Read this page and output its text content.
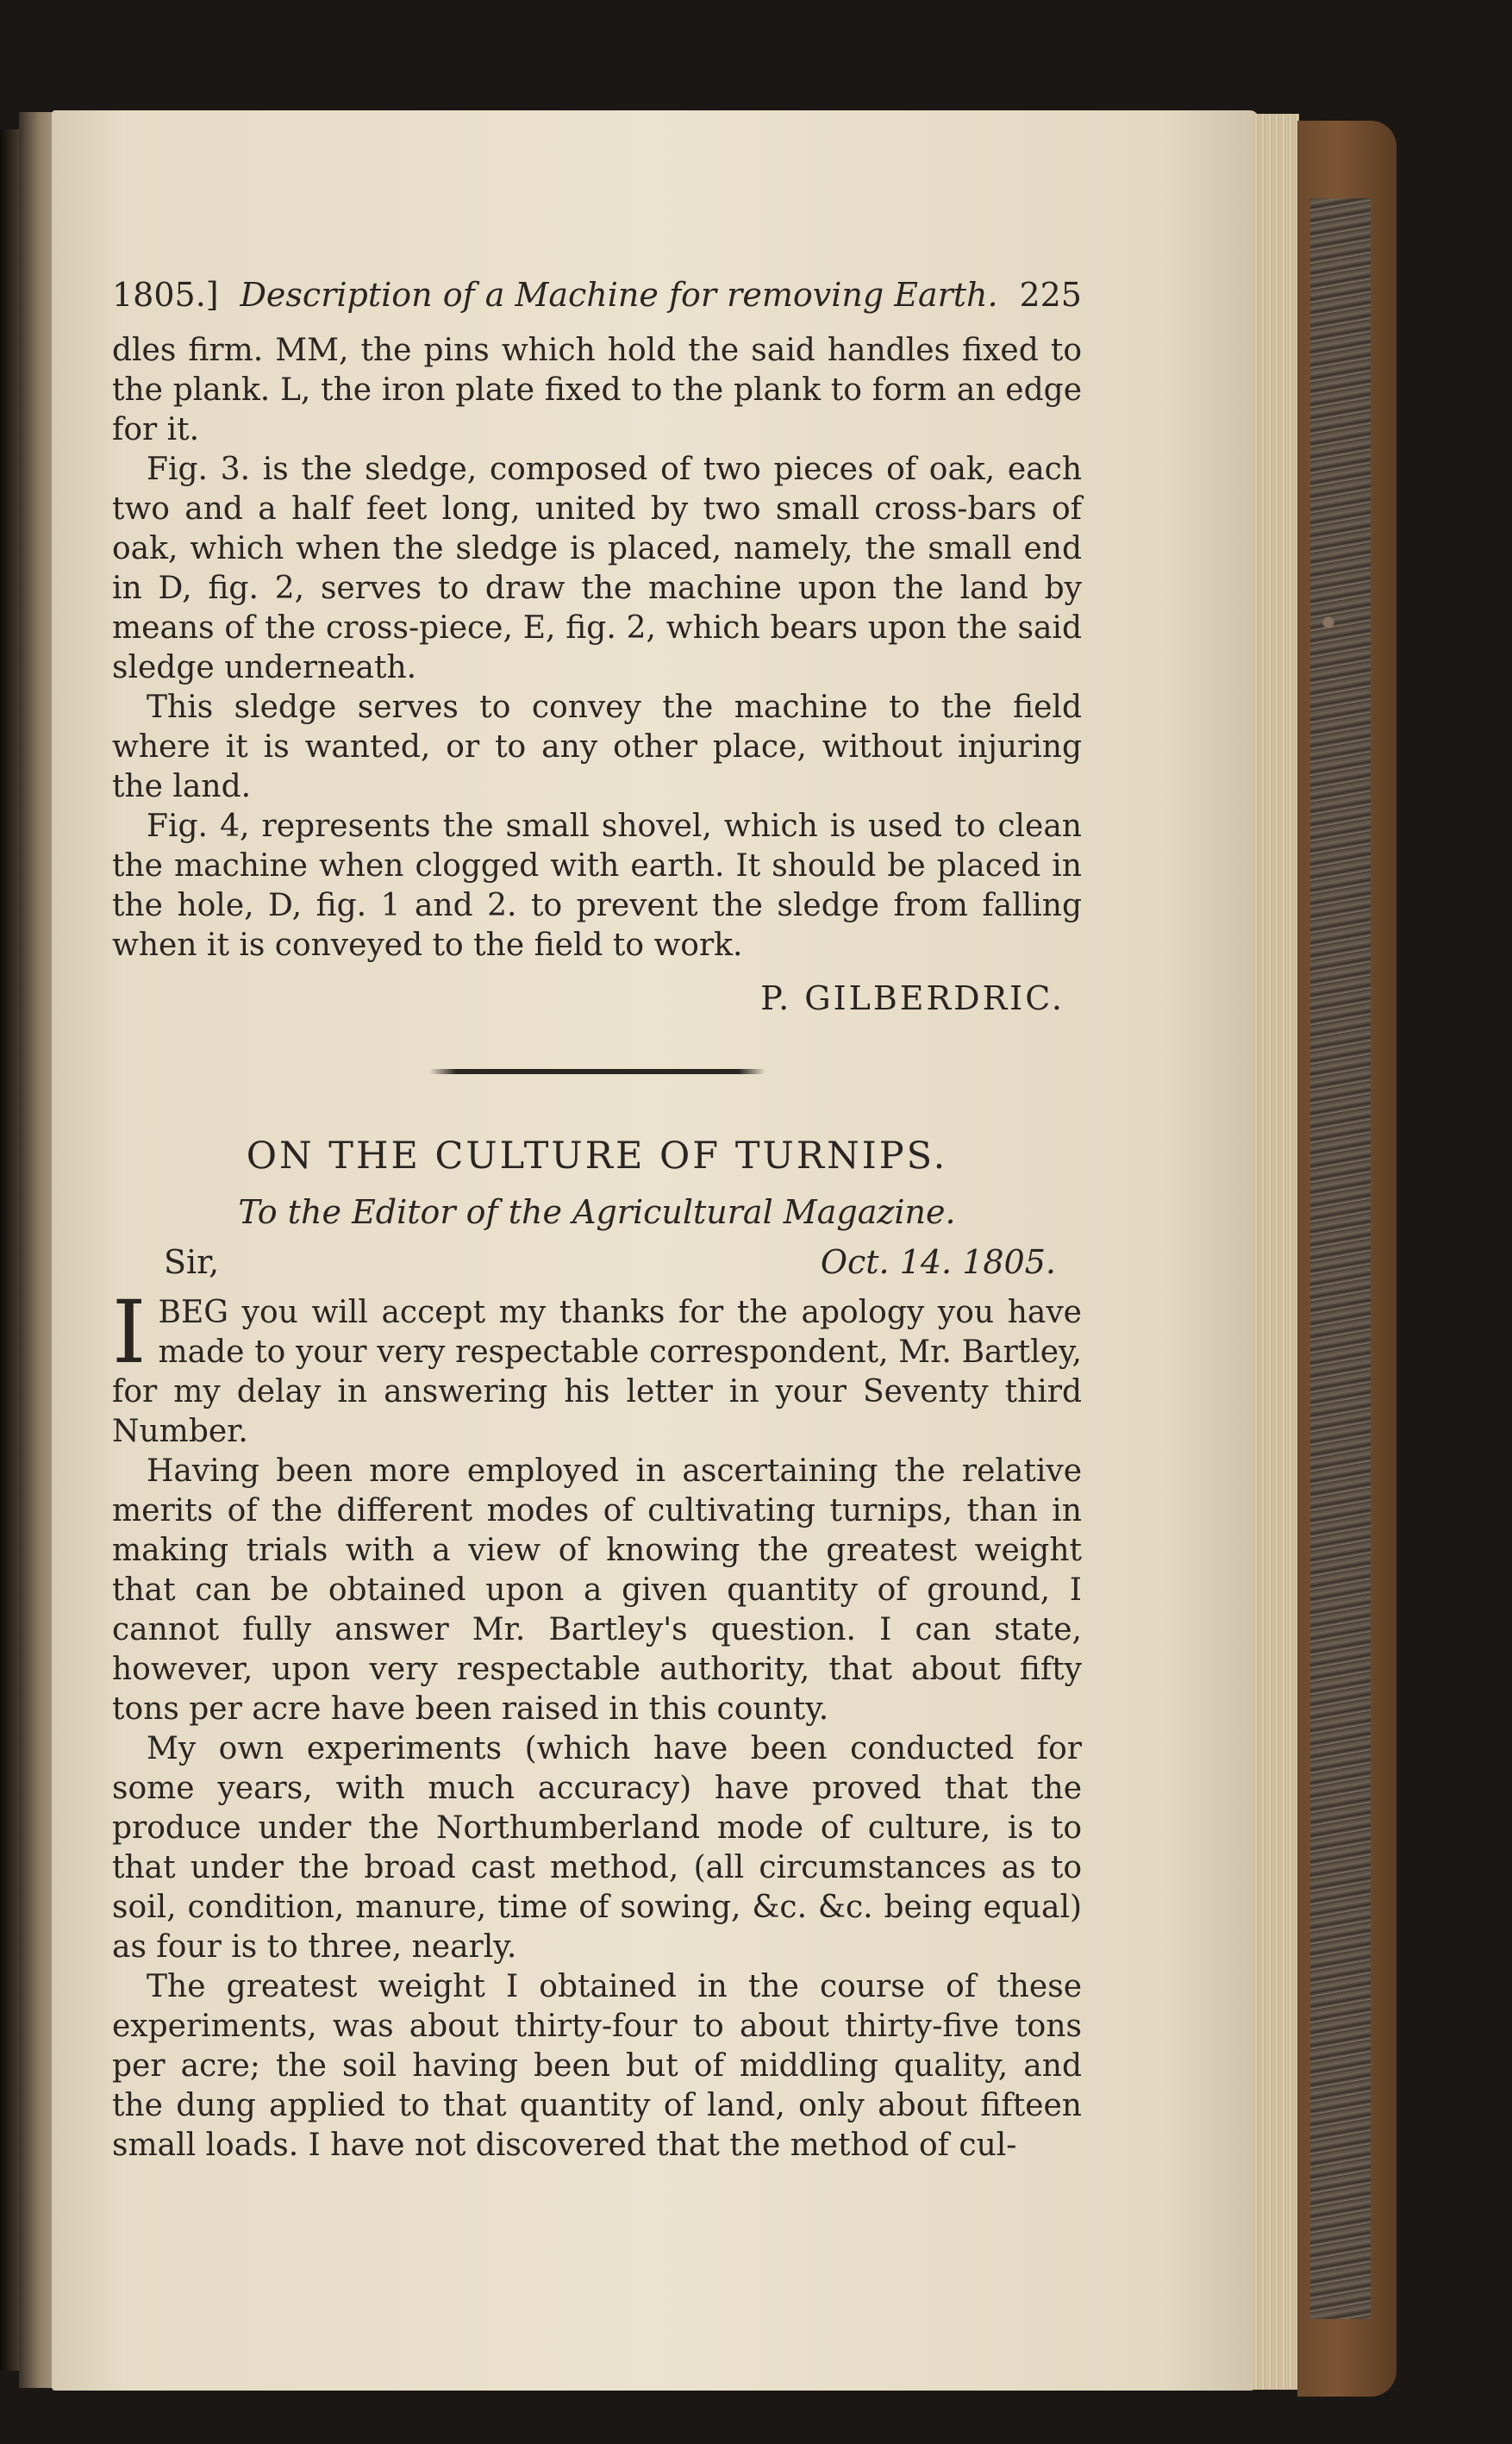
1805.] Description of a Machine for removing Earth. 225

dles firm. MM, the pins which hold the said handles fixed to the plank. L, the iron plate fixed to the plank to form an edge for it.

Fig. 3. is the sledge, composed of two pieces of oak, each two and a half feet long, united by two small cross-bars of oak, which when the sledge is placed, namely, the small end in D, fig. 2, serves to draw the machine upon the land by means of the cross-piece, E, fig. 2, which bears upon the said sledge underneath.

This sledge serves to convey the machine to the field where it is wanted, or to any other place, without injuring the land.

Fig. 4, represents the small shovel, which is used to clean the machine when clogged with earth. It should be placed in the hole, D, fig. 1 and 2. to prevent the sledge from falling when it is conveyed to the field to work.

P. GILBERDRIC.
ON THE CULTURE OF TURNIPS.
To the Editor of the Agricultural Magazine.
Sir,	Oct. 14. 1805.

I BEG you will accept my thanks for the apology you have made to your very respectable correspondent, Mr. Bartley, for my delay in answering his letter in your Seventy third Number.

Having been more employed in ascertaining the relative merits of the different modes of cultivating turnips, than in making trials with a view of knowing the greatest weight that can be obtained upon a given quantity of ground, I cannot fully answer Mr. Bartley's question. I can state, however, upon very respectable authority, that about fifty tons per acre have been raised in this county.

My own experiments (which have been conducted for some years, with much accuracy) have proved that the produce under the Northumberland mode of culture, is to that under the broad cast method, (all circumstances as to soil, condition, manure, time of sowing, &c. &c. being equal) as four is to three, nearly.

The greatest weight I obtained in the course of these experiments, was about thirty-four to about thirty-five tons per acre; the soil having been but of middling quality, and the dung applied to that quantity of land, only about fifteen small loads. I have not discovered that the method of cul-
